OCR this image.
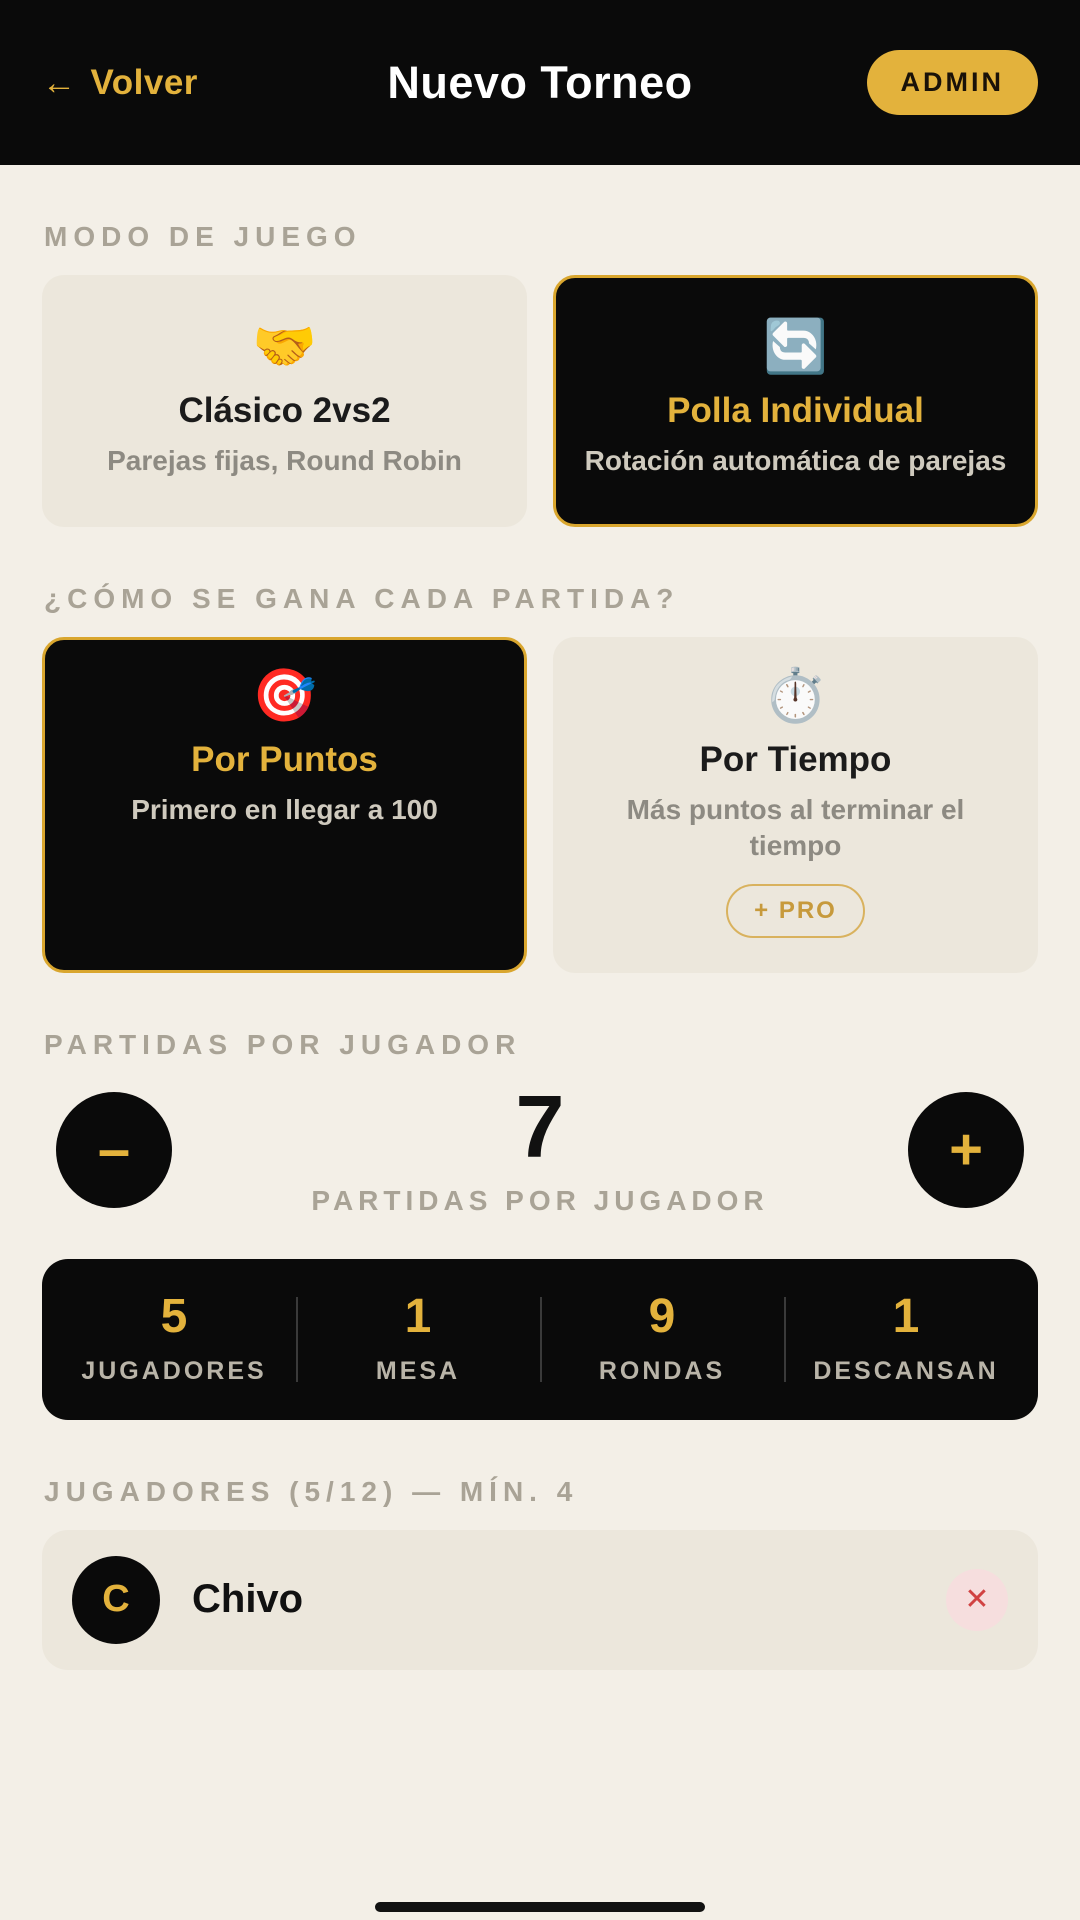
← Volver	Nuevo Torneo	ADMIN
MODO DE JUEGO
🤝
Clásico 2vs2
Parejas fijas, Round Robin
🔄
Polla Individual
Rotación automática de parejas
¿CÓMO SE GANA CADA PARTIDA?
🎯
Por Puntos
Primero en llegar a 100
⏱️
Por Tiempo
Más puntos al terminar el tiempo
+ PRO
PARTIDAS POR JUGADOR
–	7
PARTIDAS POR JUGADOR
+
5
JUGADORES
1
MESA
9
RONDAS
1
DESCANSAN
JUGADORES (5/12) — MÍN. 4
C	Chivo	✕
